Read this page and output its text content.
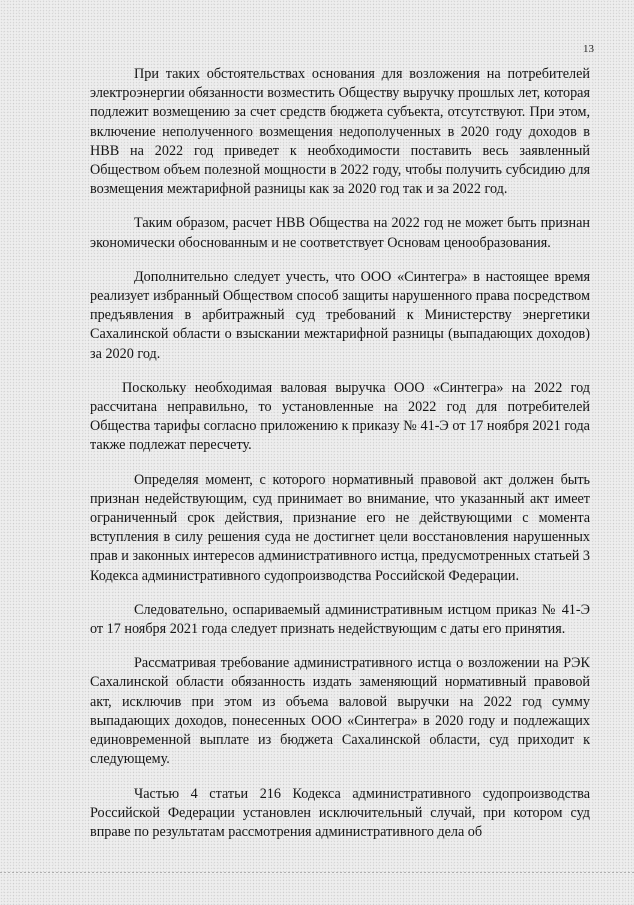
13

При таких обстоятельствах основания для возложения на потребителей электроэнергии обязанности возместить Обществу выручку прошлых лет, которая подлежит возмещению за счет средств бюджета субъекта, отсутствуют. При этом, включение неполученного возмещения недополученных в 2020 году доходов в НВВ на 2022 год приведет к необходимости поставить весь заявленный Обществом объем полезной мощности в 2022 году, чтобы получить субсидию для возмещения межтарифной разницы как за 2020 год так и за 2022 год.

Таким образом, расчет НВВ Общества на 2022 год не может быть признан экономически обоснованным и не соответствует Основам ценообразования.

Дополнительно следует учесть, что ООО «Синтегра» в настоящее время реализует избранный Обществом способ защиты нарушенного права посредством предъявления в арбитражный суд требований к Министерству энергетики Сахалинской области о взыскании межтарифной разницы (выпадающих доходов) за 2020 год.

Поскольку необходимая валовая выручка ООО «Синтегра» на 2022 год рассчитана неправильно, то установленные на 2022 год для потребителей Общества тарифы согласно приложению к приказу № 41-Э от 17 ноября 2021 года также подлежат пересчету.

Определяя момент, с которого нормативный правовой акт должен быть признан недействующим, суд принимает во внимание, что указанный акт имеет ограниченный срок действия, признание его не действующими с момента вступления в силу решения суда не достигнет цели восстановления нарушенных прав и законных интересов административного истца, предусмотренных статьей 3 Кодекса административного судопроизводства Российской Федерации.

Следовательно, оспариваемый административным истцом приказ № 41-Э от 17 ноября 2021 года следует признать недействующим с даты его принятия.

Рассматривая требование административного истца о возложении на РЭК Сахалинской области обязанность издать заменяющий нормативный правовой акт, исключив при этом из объема валовой выручки на 2022 год сумму выпадающих доходов, понесенных ООО «Синтегра» в 2020 году и подлежащих единовременной выплате из бюджета Сахалинской области, суд приходит к следующему.

Частью 4 статьи 216 Кодекса административного судопроизводства Российской Федерации установлен исключительный случай, при котором суд вправе по результатам рассмотрения административного дела об
